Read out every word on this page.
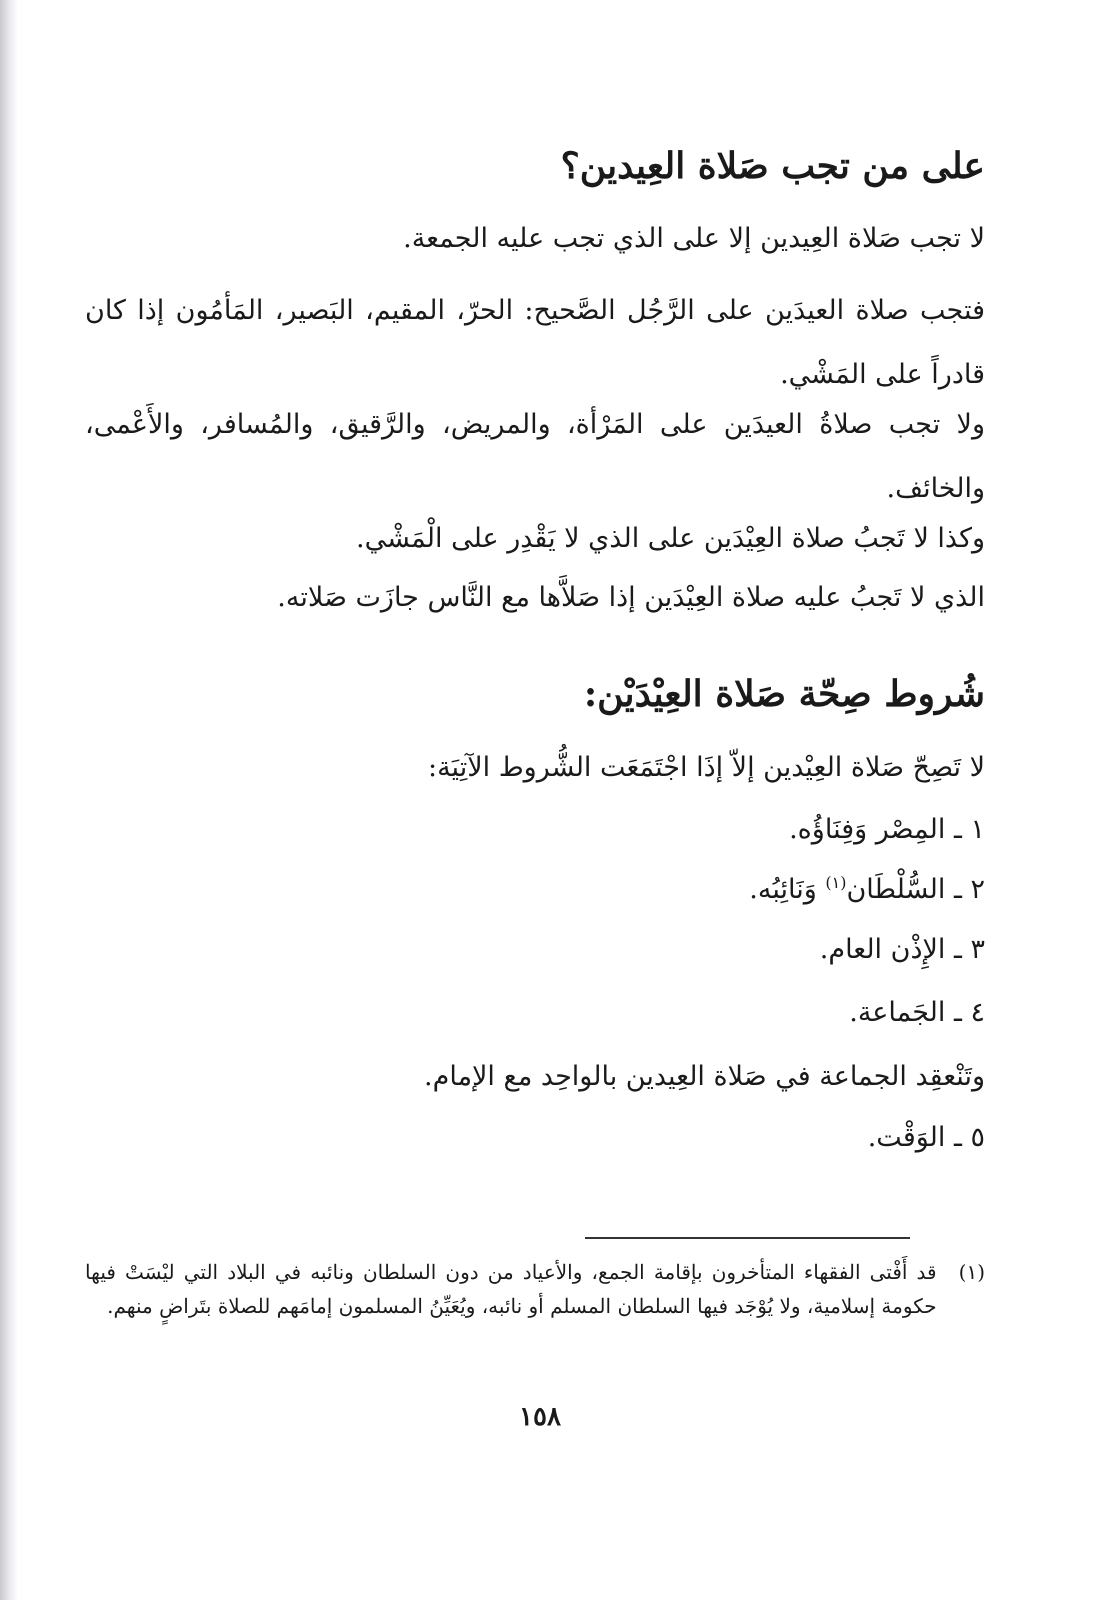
على من تجب صَلاة العِيدين؟

لا تجب صَلاة العِيدين إلا على الذي تجب عليه الجمعة.

فتجب صلاة العيدَين على الرَّجُل الصَّحيح: الحرّ، المقيم، البَصير، المَأمُون إذا كان قادراً على المَشْي.

ولا تجب صلاةُ العيدَين على المَرْأة، والمريض، والرَّقيق، والمُسافر، والأَعْمى، والخائف.

وكذا لا تَجبُ صلاة العِيْدَين على الذي لا يَقْدِر على الْمَشْي.

الذي لا تَجبُ عليه صلاة العِيْدَين إذا صَلاَّها مع النَّاس جازَت صَلاته.

شُروط صِحّة صَلاة العِيْدَيْن:

لا تَصِحّ صَلاة العِيْدين إلاّ إذَا اجْتَمَعَت الشُّروط الآتِيَة:

١ ـ المِصْر وَفِنَاؤُه.

٢ ـ السُّلْطَان$^{(١)}$ وَنَائِبُه.

٣ ـ الإِذْن العام.

٤ ـ الجَماعة.

وتَنْعقِد الجماعة في صَلاة العِيدين بالواحِد مع الإمام.

٥ ـ الوَقْت.

(١)
قد أَفْتى الفقهاء المتأخرون بإقامة الجمع، والأعياد من دون السلطان ونائبه في البلاد التي ليْسَتْ فيها حكومة إسلامية، ولا يُوْجَد فيها السلطان المسلم أو نائبه، ويُعَيِّنُ المسلمون إمامَهم للصلاة بتَراضٍ منهم.

١٥٨
